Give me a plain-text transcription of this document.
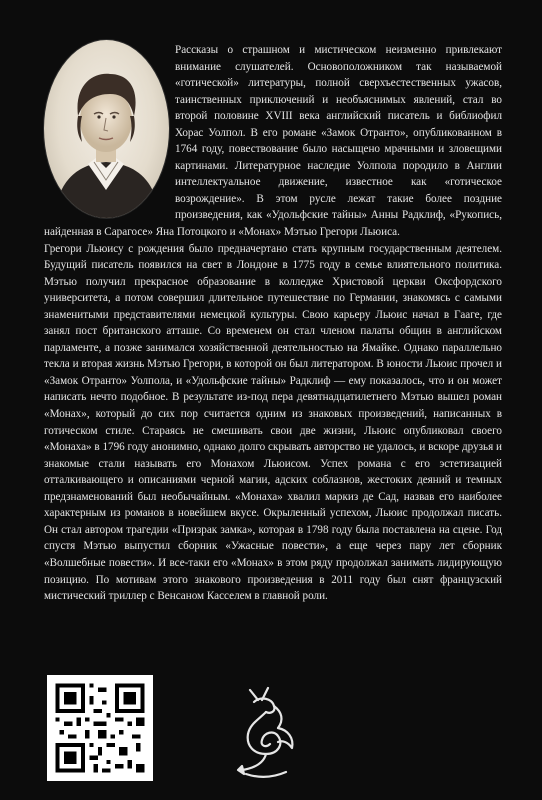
Рассказы о страшном и мистическом неизменно привлекают внимание слушателей. Основоположником так называемой «готической» литературы, полной сверхъестественных ужасов, таинственных приключений и необъяснимых явлений, стал во второй половине XVIII века английский писатель и библиофил Хорас Уолпол. В его романе «Замок Отранто», опубликованном в 1764 году, повествование было насыщено мрачными и зловещими картинами. Литературное наследие Уолпола породило в Англии интеллектуальное движение, известное как «готическое возрождение». В этом русле лежат такие более поздние произведения, как «Удольфские тайны» Анны Радклиф, «Рукопись, найденная в Сарагосе» Яна Потоцкого и «Монах» Мэтью Грегори Льюиса.

Грегори Льюису с рождения было предначертано стать крупным государственным деятелем. Будущий писатель появился на свет в Лондоне в 1775 году в семье влиятельного политика. Мэтью получил прекрасное образование в колледже Христовой церкви Оксфордского университета, а потом совершил длительное путешествие по Германии, знакомясь с самыми знаменитыми представителями немецкой культуры. Свою карьеру Льюис начал в Гааге, где занял пост британского атташе. Со временем он стал членом палаты общин в английском парламенте, а позже занимался хозяйственной деятельностью на Ямайке. Однако параллельно текла и вторая жизнь Мэтью Грегори, в которой он был литератором. В юности Льюис прочел и «Замок Отранто» Уолпола, и «Удольфские тайны» Радклиф — ему показалось, что и он может написать нечто подобное. В результате из-под пера девятнадцатилетнего Мэтью вышел роман «Монах», который до сих пор считается одним из знаковых произведений, написанных в готическом стиле. Стараясь не смешивать свои две жизни, Льюис опубликовал своего «Монаха» в 1796 году анонимно, однако долго скрывать авторство не удалось, и вскоре друзья и знакомые стали называть его Монахом Льюисом. Успех романа с его эстетизацией отталкивающего и описаниями черной магии, адских соблазнов, жестоких деяний и темных предзнаменований был необычайным. «Монаха» хвалил маркиз де Сад, назвав его наиболее характерным из романов в новейшем вкусе. Окрыленный успехом, Льюис продолжал писать. Он стал автором трагедии «Призрак замка», которая в 1798 году была поставлена на сцене. Год спустя Мэтью выпустил сборник «Ужасные повести», а еще через пару лет сборник «Волшебные повести». И все-таки его «Монах» в этом ряду продолжал занимать лидирующую позицию. По мотивам этого знакового произведения в 2011 году был снят французский мистический триллер с Венсаном Касселем в главной роли.
